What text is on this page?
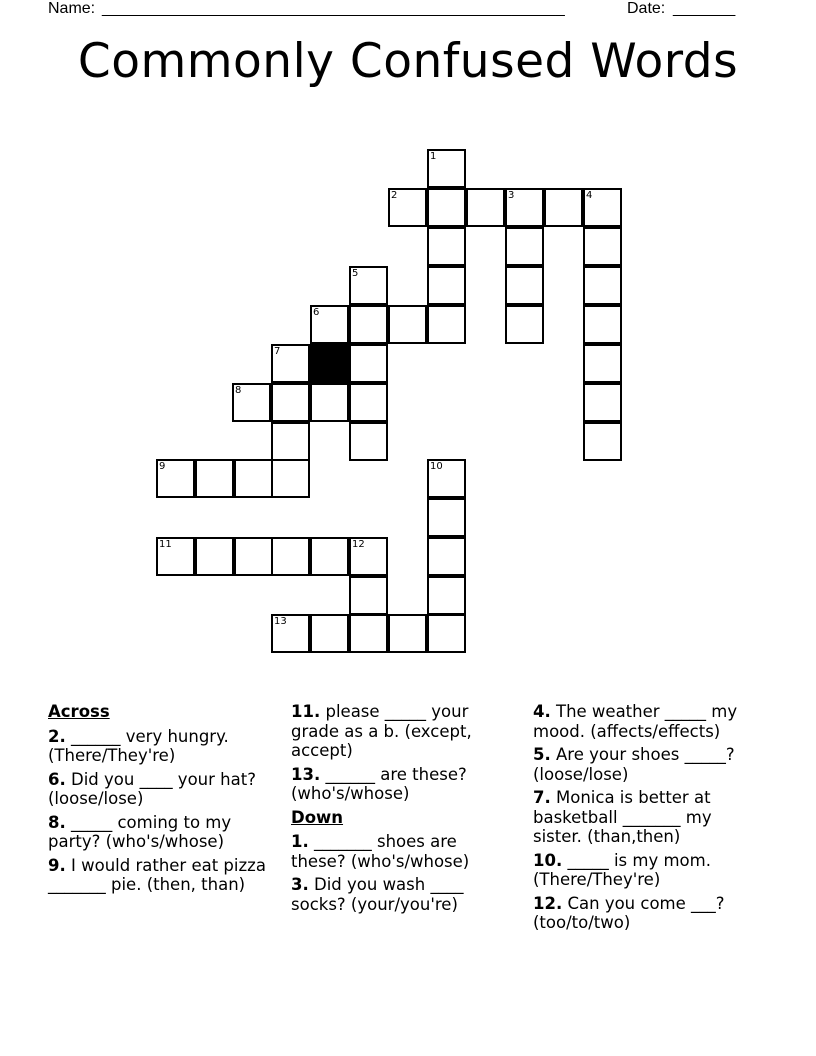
Name: ____________________________________________________	Date: _______
Commonly Confused Words
1
2	3	4
5
6
7
8
9	10
11	12
13
Across
2. ______ very hungry. (There/They're)
6. Did you ____ your hat? (loose/lose)
8. _____ coming to my party? (who's/whose)
9. I would rather eat pizza _______ pie. (then, than)
11. please _____ your grade as a b. (except, accept)
13. ______ are these? (who's/whose)
Down
1. _______ shoes are these? (who's/whose)
3. Did you wash ____ socks? (your/you're)
4. The weather _____ my mood. (affects/effects)
5. Are your shoes _____? (loose/lose)
7. Monica is better at basketball _______ my sister. (than,then)
10. _____ is my mom. (There/They're)
12. Can you come ___? (too/to/two)
